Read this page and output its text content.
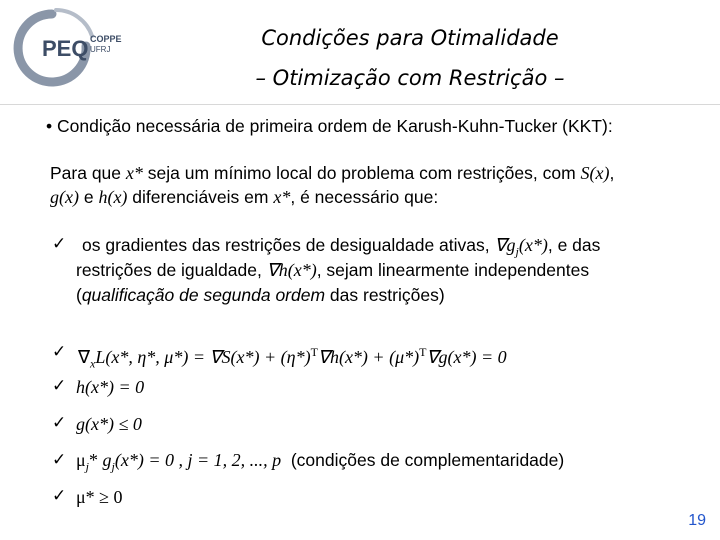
PEQ COPPE
UFRJ	Condições para Otimalidade
– Otimização com Restrição –
• Condição necessária de primeira ordem de Karush-Kuhn-Tucker (KKT):
Para que x* seja um mínimo local do problema com restrições, com S(x),
g(x) e h(x) diferenciáveis em x*, é necessário que:
✓ os gradientes das restrições de desigualdade ativas, $\nabla g_j(x*)$, e das
restrições de igualdade, ∇h(x*), sejam linearmente independentes
(qualificação de segunda ordem das restrições)
✓ $\nabla_xL(x*$, η*, $\mu*) = \nabla S(x*) + (\eta*)^T\nabla h(x*) + (\mu*)^T\nabla g(x*) = 0$
✓ h(x*) = 0
✓ g(x*) ≤ 0
✓ $\mu_j*$ $g_j(x*) = 0$ , j = 1, 2, ..., p (condições de complementaridade)
✓ μ* ≥ 0
19
